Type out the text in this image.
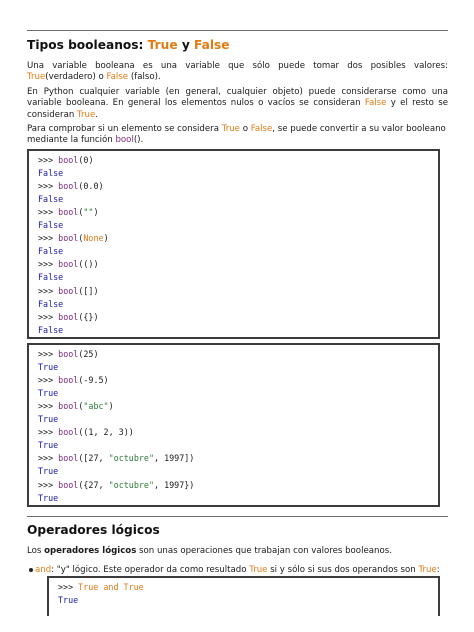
Tipos booleanos: True y False

Una variable booleana es una variable que sólo puede tomar dos posibles valores: True(verdadero) o False (falso).

En Python cualquier variable (en general, cualquier objeto) puede considerarse como una variable booleana. En general los elementos nulos o vacíos se consideran False y el resto se consideran True.

Para comprobar si un elemento se considera True o False, se puede convertir a su valor booleano mediante la función bool().

>>> bool(0)
False
>>> bool(0.0)
False
>>> bool("")
False
>>> bool(None)
False
>>> bool(())
False
>>> bool([])
False
>>> bool({})
False
>>> bool(25)
True
>>> bool(-9.5)
True
>>> bool("abc")
True
>>> bool((1, 2, 3))
True
>>> bool([27, "octubre", 1997])
True
>>> bool({27, "octubre", 1997})
True
Operadores lógicos

Los operadores lógicos son unas operaciones que trabajan con valores booleanos.

and: "y" lógico. Este operador da como resultado True si y sólo si sus dos operandos son True:
>>> True and True
True
